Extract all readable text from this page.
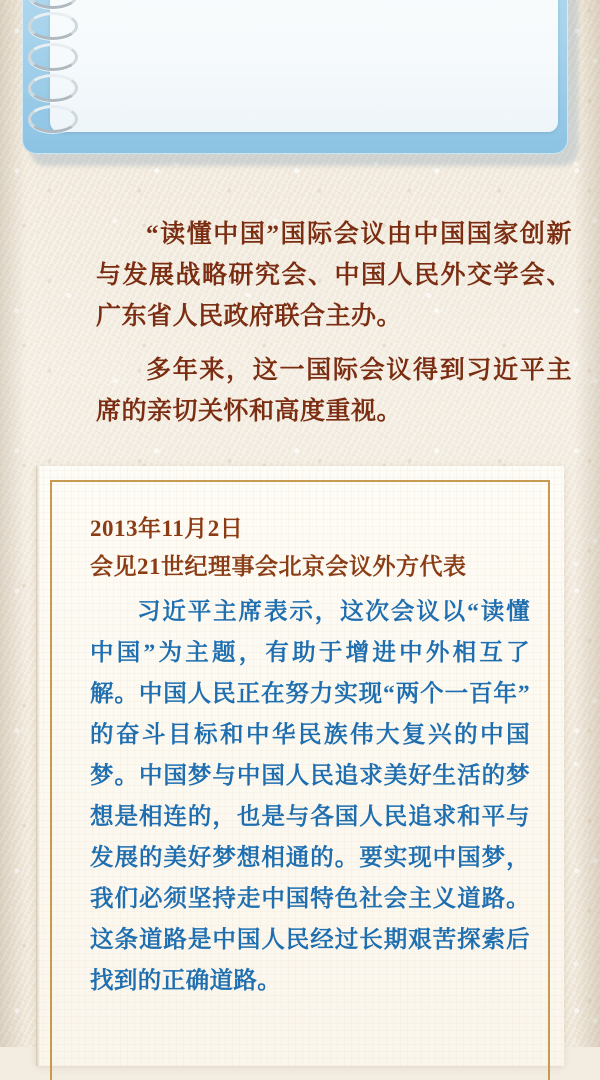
“读懂中国”国际会议由中国国家创新与发展战略研究会、中国人民外交学会、广东省人民政府联合主办。

多年来，这一国际会议得到习近平主席的亲切关怀和高度重视。

2013年11月2日
会见21世纪理事会北京会议外方代表

习近平主席表示，这次会议以“读懂中国”为主题，有助于增进中外相互了解。中国人民正在努力实现“两个一百年”的奋斗目标和中华民族伟大复兴的中国梦。中国梦与中国人民追求美好生活的梦想是相连的，也是与各国人民追求和平与发展的美好梦想相通的。要实现中国梦，我们必须坚持走中国特色社会主义道路。这条道路是中国人民经过长期艰苦探索后找到的正确道路。
